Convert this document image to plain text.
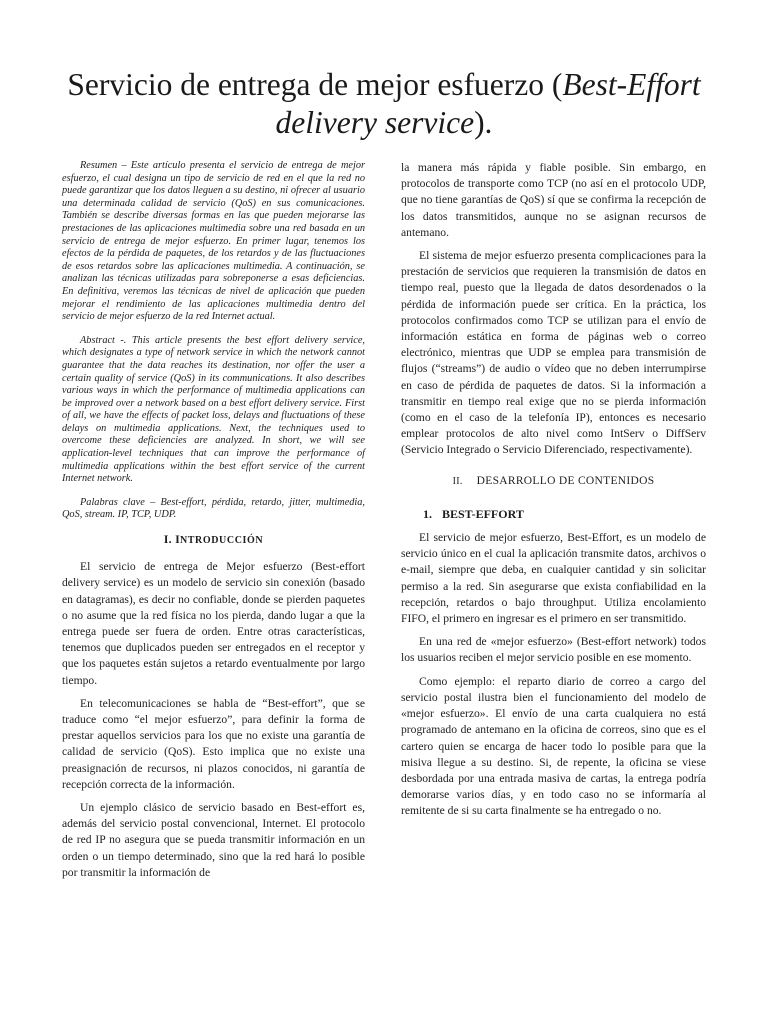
Servicio de entrega de mejor esfuerzo (Best-Effort delivery service).

Resumen – Este artículo presenta el servicio de entrega de mejor esfuerzo, el cual designa un tipo de servicio de red en el que la red no puede garantizar que los datos lleguen a su destino, ni ofrecer al usuario una determinada calidad de servicio (QoS) en sus comunicaciones. También se describe diversas formas en las que pueden mejorarse las prestaciones de las aplicaciones multimedia sobre una red basada en un servicio de entrega de mejor esfuerzo. En primer lugar, tenemos los efectos de la pérdida de paquetes, de los retardos y de las fluctuaciones de esos retardos sobre las aplicaciones multimedia. A continuación, se analizan las técnicas utilizadas para sobreponerse a esas deficiencias. En definitiva, veremos las técnicas de nivel de aplicación que pueden mejorar el rendimiento de las aplicaciones multimedia dentro del servicio de mejor esfuerzo de la red Internet actual.

Abstract -. This article presents the best effort delivery service, which designates a type of network service in which the network cannot guarantee that the data reaches its destination, nor offer the user a certain quality of service (QoS) in its communications. It also describes various ways in which the performance of multimedia applications can be improved over a network based on a best effort delivery service. First of all, we have the effects of packet loss, delays and fluctuations of these delays on multimedia applications. Next, the techniques used to overcome these deficiencies are analyzed. In short, we will see application-level techniques that can improve the performance of multimedia applications within the best effort service of the current Internet network.

Palabras clave – Best-effort, pérdida, retardo, jitter, multimedia, QoS, stream. IP, TCP, UDP.

I. INTRODUCCIÓN

El servicio de entrega de Mejor esfuerzo (Best-effort delivery service) es un modelo de servicio sin conexión (basado en datagramas), es decir no confiable, donde se pierden paquetes o no asume que la red física no los pierda, dando lugar a que la entrega puede ser fuera de orden. Entre otras características, tenemos que duplicados pueden ser entregados en el receptor y que los paquetes están sujetos a retardo eventualmente por largo tiempo.

En telecomunicaciones se habla de “Best-effort”, que se traduce como “el mejor esfuerzo”, para definir la forma de prestar aquellos servicios para los que no existe una garantía de calidad de servicio (QoS). Esto implica que no existe una preasignación de recursos, ni plazos conocidos, ni garantía de recepción correcta de la información.

Un ejemplo clásico de servicio basado en Best-effort es, además del servicio postal convencional, Internet. El protocolo de red IP no asegura que se pueda transmitir información en un orden o un tiempo determinado, sino que la red hará lo posible por transmitir la información de

la manera más rápida y fiable posible. Sin embargo, en protocolos de transporte como TCP (no así en el protocolo UDP, que no tiene garantías de QoS) sí que se confirma la recepción de los datos transmitidos, aunque no se asignan recursos de antemano.

El sistema de mejor esfuerzo presenta complicaciones para la prestación de servicios que requieren la transmisión de datos en tiempo real, puesto que la llegada de datos desordenados o la pérdida de información puede ser crítica. En la práctica, los protocolos confirmados como TCP se utilizan para el envío de información estática en forma de páginas web o correo electrónico, mientras que UDP se emplea para transmisión de flujos (“streams”) de audio o vídeo que no deben interrumpirse en caso de pérdida de paquetes de datos. Si la información a transmitir en tiempo real exige que no se pierda información (como en el caso de la telefonía IP), entonces es necesario emplear protocolos de alto nivel como IntServ o DiffServ (Servicio Integrado o Servicio Diferenciado, respectivamente).

II. DESARROLLO DE CONTENIDOS
1. BEST-EFFORT

El servicio de mejor esfuerzo, Best-Effort, es un modelo de servicio único en el cual la aplicación transmite datos, archivos o e-mail, siempre que deba, en cualquier cantidad y sin solicitar permiso a la red. Sin asegurarse que exista confiabilidad en la recepción, retardos o bajo throughput. Utiliza encolamiento FIFO, el primero en ingresar es el primero en ser transmitido.

En una red de «mejor esfuerzo» (Best-effort network) todos los usuarios reciben el mejor servicio posible en ese momento.

Como ejemplo: el reparto diario de correo a cargo del servicio postal ilustra bien el funcionamiento del modelo de «mejor esfuerzo». El envío de una carta cualquiera no está programado de antemano en la oficina de correos, sino que es el cartero quien se encarga de hacer todo lo posible para que la misiva llegue a su destino. Si, de repente, la oficina se viese desbordada por una entrada masiva de cartas, la entrega podría demorarse varios días, y en todo caso no se informaría al remitente de si su carta finalmente se ha entregado o no.
